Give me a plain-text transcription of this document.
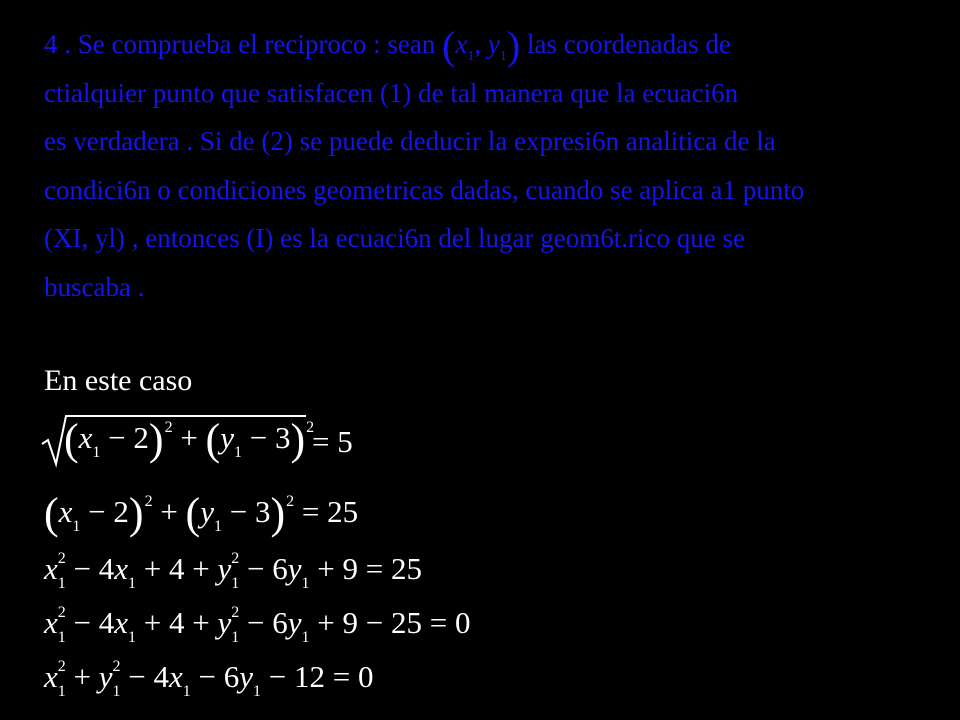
4 . Se comprueba el reciproco : sean ($x_1$, $y_1$) las coordenadas de
ctialquier punto que satisfacen (1) de tal manera que la ecuaci6n
es verdadera . Si de (2) se puede deducir la expresi6n analitica de la
condici6n o condiciones geometricas dadas, cuando se aplica a1 punto
(XI, yl) , entonces (I) es la ecuaci6n del lugar geom6t.rico que se
buscaba .
En este caso
$(x_1 - 2)^2 + (y_1 - 3)^2$
= 5
$(x_1 - 2)^2 + (y_1 - 3)^2 = 25$
$x_1^2 - 4x_1 + 4 + y_1^2 - 6y_1 + 9 = 25$
$x_1^2 - 4x_1 + 4 + y_1^2 - 6y_1 + 9 - 25 = 0$
$x_1^2 + y_1^2 - 4x_1 - 6y_1 - 12 = 0$
